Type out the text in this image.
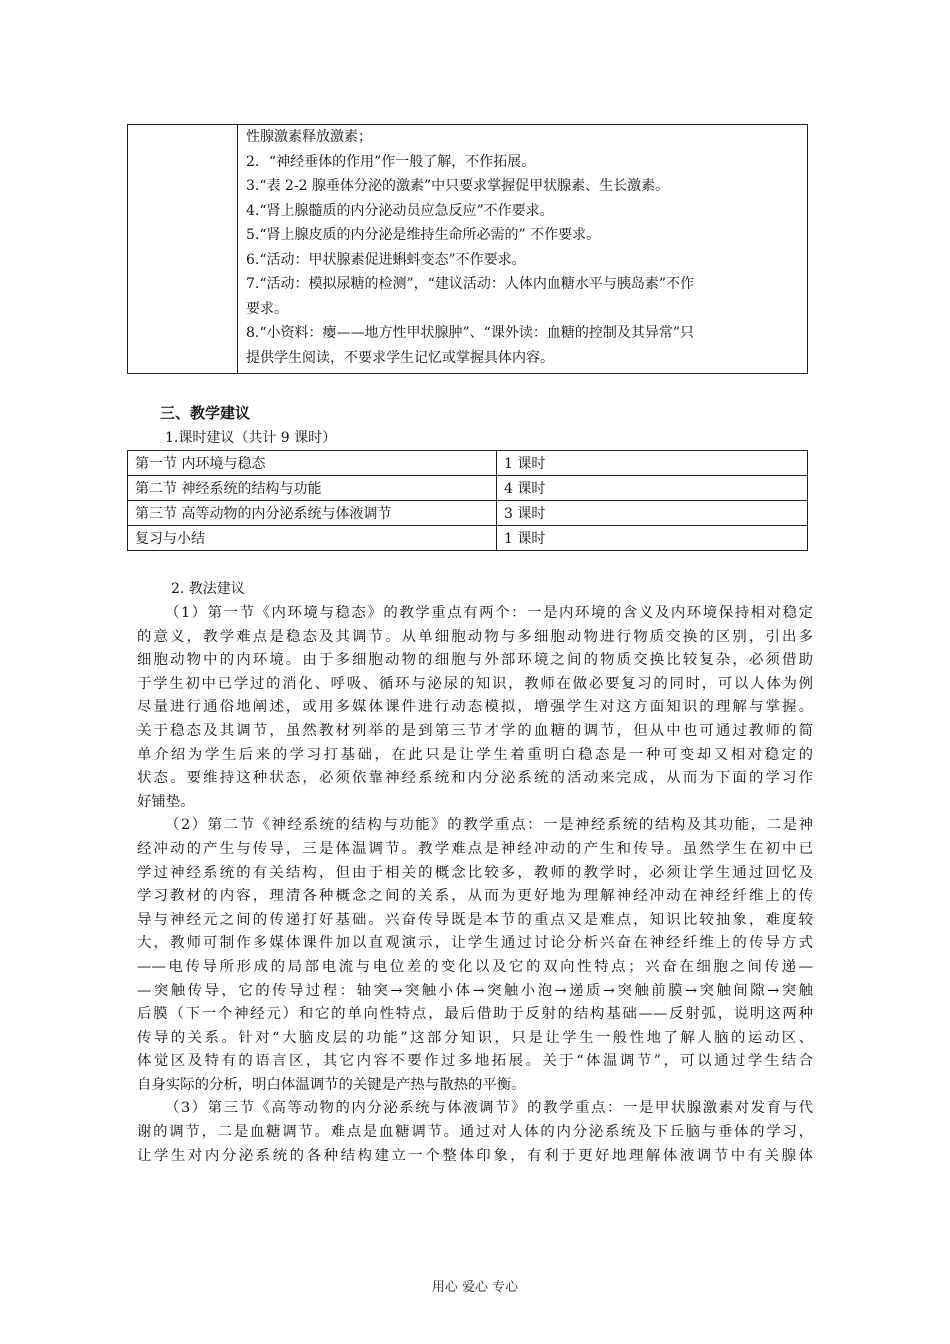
性腺激素释放激素；
2．“神经垂体的作用”作一般了解，不作拓展。
3.“表 2-2 腺垂体分泌的激素”中只要求掌握促甲状腺素、生长激素。
4.“肾上腺髓质的内分泌动员应急反应”不作要求。
5.“肾上腺皮质的内分泌是维持生命所必需的” 不作要求。
6.“活动：甲状腺素促进蝌蚪变态”不作要求。
7.“活动：模拟尿糖的检测”，“建议活动：人体内血糖水平与胰岛素”不作
要求。
8.“小资料：瘿——地方性甲状腺肿”、“课外读：血糖的控制及其异常”只
提供学生阅读，不要求学生记忆或掌握具体内容。
三、教学建议
1.课时建议（共计 9 课时）
第一节 内环境与稳态	1 课时
第二节 神经系统的结构与功能	4 课时
第三节 高等动物的内分泌系统与体液调节	3 课时
复习与小结	1 课时
2. 教法建议
（1）第一节《内环境与稳态》的教学重点有两个：一是内环境的含义及内环境保持相对稳定
的意义，教学难点是稳态及其调节。从单细胞动物与多细胞动物进行物质交换的区别，引出多
细胞动物中的内环境。由于多细胞动物的细胞与外部环境之间的物质交换比较复杂，必须借助
于学生初中已学过的消化、呼吸、循环与泌尿的知识，教师在做必要复习的同时，可以人体为例
尽量进行通俗地阐述，或用多媒体课件进行动态模拟，增强学生对这方面知识的理解与掌握。
关于稳态及其调节，虽然教材列举的是到第三节才学的血糖的调节，但从中也可通过教师的简
单介绍为学生后来的学习打基础，在此只是让学生着重明白稳态是一种可变却又相对稳定的
状态。要维持这种状态，必须依靠神经系统和内分泌系统的活动来完成，从而为下面的学习作
好铺垫。
（2）第二节《神经系统的结构与功能》的教学重点：一是神经系统的结构及其功能，二是神
经冲动的产生与传导，三是体温调节。教学难点是神经冲动的产生和传导。虽然学生在初中已
学过神经系统的有关结构，但由于相关的概念比较多，教师的教学时，必须让学生通过回忆及
学习教材的内容，理清各种概念之间的关系，从而为更好地为理解神经冲动在神经纤维上的传
导与神经元之间的传递打好基础。兴奋传导既是本节的重点又是难点，知识比较抽象，难度较
大，教师可制作多媒体课件加以直观演示，让学生通过讨论分析兴奋在神经纤维上的传导方式
——电传导所形成的局部电流与电位差的变化以及它的双向性特点；兴奋在细胞之间传递—
—突触传导，它的传导过程：轴突→突触小体→突触小泡→递质→突触前膜→突触间隙→突触
后膜（下一个神经元）和它的单向性特点，最后借助于反射的结构基础——反射弧，说明这两种
传导的关系。针对“大脑皮层的功能”这部分知识，只是让学生一般性地了解人脑的运动区、
体觉区及特有的语言区，其它内容不要作过多地拓展。关于“体温调节”，可以通过学生结合
自身实际的分析，明白体温调节的关键是产热与散热的平衡。
（3）第三节《高等动物的内分泌系统与体液调节》的教学重点：一是甲状腺激素对发育与代
谢的调节，二是血糖调节。难点是血糖调节。通过对人体的内分泌系统及下丘脑与垂体的学习，
让学生对内分泌系统的各种结构建立一个整体印象，有利于更好地理解体液调节中有关腺体
用心 爱心 专心
